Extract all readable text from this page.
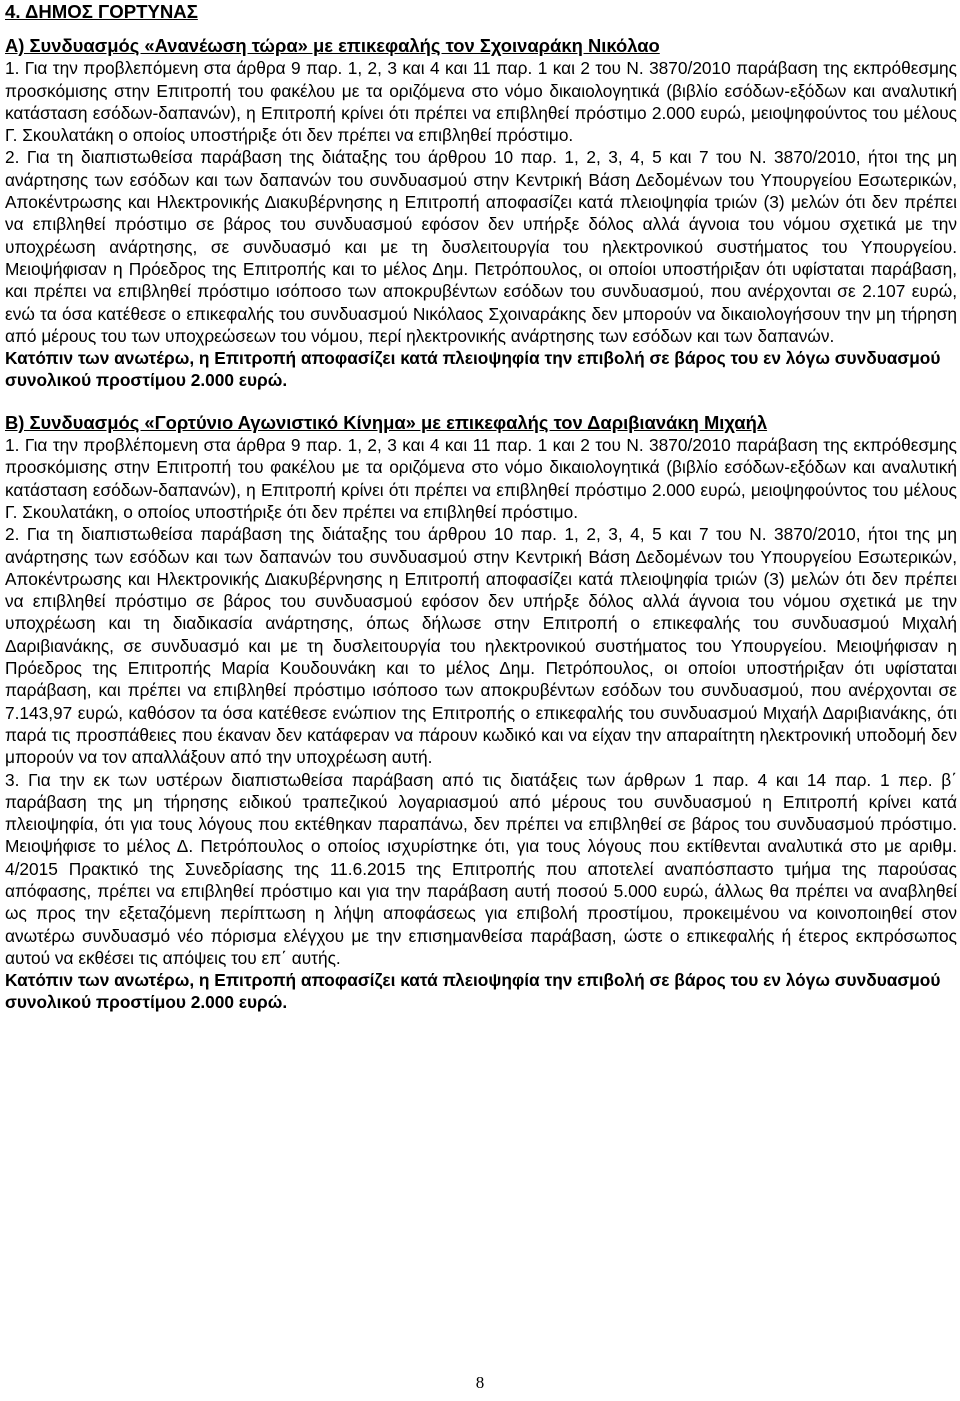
4. ΔΗΜΟΣ ΓΟΡΤΥΝΑΣ
Α) Συνδυασμός «Ανανέωση τώρα» με επικεφαλής τον Σχοιναράκη Νικόλαο

1. Για την προβλεπόμενη στα άρθρα 9 παρ. 1, 2, 3 και 4 και 11 παρ. 1 και 2 του Ν. 3870/2010 παράβαση της εκπρόθεσμης προσκόμισης στην Επιτροπή του φακέλου με τα οριζόμενα στο νόμο δικαιολογητικά (βιβλίο εσόδων-εξόδων και αναλυτική κατάσταση εσόδων-δαπανών), η Επιτροπή κρίνει ότι πρέπει να επιβληθεί πρόστιμο 2.000 ευρώ, μειοψηφούντος του μέλους Γ. Σκουλατάκη ο οποίος υποστήριξε ότι δεν πρέπει να επιβληθεί πρόστιμο.

2. Για τη διαπιστωθείσα παράβαση της διάταξης του άρθρου 10 παρ. 1, 2, 3, 4, 5 και 7 του Ν. 3870/2010, ήτοι της μη ανάρτησης των εσόδων και των δαπανών του συνδυασμού στην Κεντρική Βάση Δεδομένων του Υπουργείου Εσωτερικών, Αποκέντρωσης και Ηλεκτρονικής Διακυβέρνησης η Επιτροπή αποφασίζει κατά πλειοψηφία τριών (3) μελών ότι δεν πρέπει να επιβληθεί πρόστιμο σε βάρος του συνδυασμού εφόσον δεν υπήρξε δόλος αλλά άγνοια του νόμου σχετικά με την υποχρέωση ανάρτησης, σε συνδυασμό και με τη δυσλειτουργία του ηλεκτρονικού συστήματος του Υπουργείου. Μειοψήφισαν η Πρόεδρος της Επιτροπής και το μέλος Δημ. Πετρόπουλος, οι οποίοι υποστήριξαν ότι υφίσταται παράβαση, και πρέπει να επιβληθεί πρόστιμο ισόποσο των αποκρυβέντων εσόδων του συνδυασμού, που ανέρχονται σε 2.107 ευρώ, ενώ τα όσα κατέθεσε ο επικεφαλής του συνδυασμού Νικόλαος Σχοιναράκης δεν μπορούν να δικαιολογήσουν την μη τήρηση από μέρους του των υποχρεώσεων του νόμου, περί ηλεκτρονικής ανάρτησης των εσόδων και των δαπανών.

Κατόπιν των ανωτέρω, η Επιτροπή αποφασίζει κατά πλειοψηφία την επιβολή σε βάρος του εν λόγω συνδυασμού συνολικού προστίμου 2.000 ευρώ.

Β) Συνδυασμός «Γορτύνιο Αγωνιστικό Κίνημα» με επικεφαλής τον Δαριβιανάκη Μιχαήλ

1. Για την προβλέπομενη στα άρθρα 9 παρ. 1, 2, 3 και 4 και 11 παρ. 1 και 2 του Ν. 3870/2010 παράβαση της εκπρόθεσμης προσκόμισης στην Επιτροπή του φακέλου με τα οριζόμενα στο νόμο δικαιολογητικά (βιβλίο εσόδων-εξόδων και αναλυτική κατάσταση εσόδων-δαπανών), η Επιτροπή κρίνει ότι πρέπει να επιβληθεί πρόστιμο 2.000 ευρώ, μειοψηφούντος του μέλους Γ. Σκουλατάκη, ο οποίος υποστήριξε ότι δεν πρέπει να επιβληθεί πρόστιμο.

2. Για τη διαπιστωθείσα παράβαση της διάταξης του άρθρου 10 παρ. 1, 2, 3, 4, 5 και 7 του Ν. 3870/2010, ήτοι της μη ανάρτησης των εσόδων και των δαπανών του συνδυασμού στην Κεντρική Βάση Δεδομένων του Υπουργείου Εσωτερικών, Αποκέντρωσης και Ηλεκτρονικής Διακυβέρνησης η Επιτροπή αποφασίζει κατά πλειοψηφία τριών (3) μελών ότι δεν πρέπει να επιβληθεί πρόστιμο σε βάρος του συνδυασμού εφόσον δεν υπήρξε δόλος αλλά άγνοια του νόμου σχετικά με την υποχρέωση και τη διαδικασία ανάρτησης, όπως δήλωσε στην Επιτροπή ο επικεφαλής του συνδυασμού Μιχαλή Δαριβιανάκης, σε συνδυασμό και με τη δυσλειτουργία του ηλεκτρονικού συστήματος του Υπουργείου. Μειοψήφισαν η Πρόεδρος της Επιτροπής Μαρία Κουδουνάκη και το μέλος Δημ. Πετρόπουλος, οι οποίοι υποστήριξαν ότι υφίσταται παράβαση, και πρέπει να επιβληθεί πρόστιμο ισόποσο των αποκρυβέντων εσόδων του συνδυασμού, που ανέρχονται σε 7.143,97 ευρώ, καθόσον τα όσα κατέθεσε ενώπιον της Επιτροπής ο επικεφαλής του συνδυασμού Μιχαήλ Δαριβιανάκης, ότι παρά τις προσπάθειες που έκαναν δεν κατάφεραν να πάρουν κωδικό και να είχαν την απαραίτητη ηλεκτρονική υποδομή δεν μπορούν να τον απαλλάξουν από την υποχρέωση αυτή.

3. Για την εκ των υστέρων διαπιστωθείσα παράβαση από τις διατάξεις των άρθρων 1 παρ. 4 και 14 παρ. 1 περ. β΄ παράβαση της μη τήρησης ειδικού τραπεζικού λογαριασμού από μέρους του συνδυασμού η Επιτροπή κρίνει κατά πλειοψηφία, ότι για τους λόγους που εκτέθηκαν παραπάνω, δεν πρέπει να επιβληθεί σε βάρος του συνδυασμού πρόστιμο. Μειοψήφισε το μέλος Δ. Πετρόπουλος ο οποίος ισχυρίστηκε ότι, για τους λόγους που εκτίθενται αναλυτικά στο με αριθμ. 4/2015 Πρακτικό της Συνεδρίασης της 11.6.2015 της Επιτροπής που αποτελεί αναπόσπαστο τμήμα της παρούσας απόφασης, πρέπει να επιβληθεί πρόστιμο και για την παράβαση αυτή ποσού 5.000 ευρώ, άλλως θα πρέπει να αναβληθεί ως προς την εξεταζόμενη περίπτωση η λήψη αποφάσεως για επιβολή προστίμου, προκειμένου να κοινοποιηθεί στον ανωτέρω συνδυασμό νέο πόρισμα ελέγχου με την επισημανθείσα παράβαση, ώστε ο επικεφαλής ή έτερος εκπρόσωπος αυτού να εκθέσει τις απόψεις του επ΄ αυτής.

Κατόπιν των ανωτέρω, η Επιτροπή αποφασίζει κατά πλειοψηφία την επιβολή σε βάρος του εν λόγω συνδυασμού συνολικού προστίμου 2.000 ευρώ.

8
